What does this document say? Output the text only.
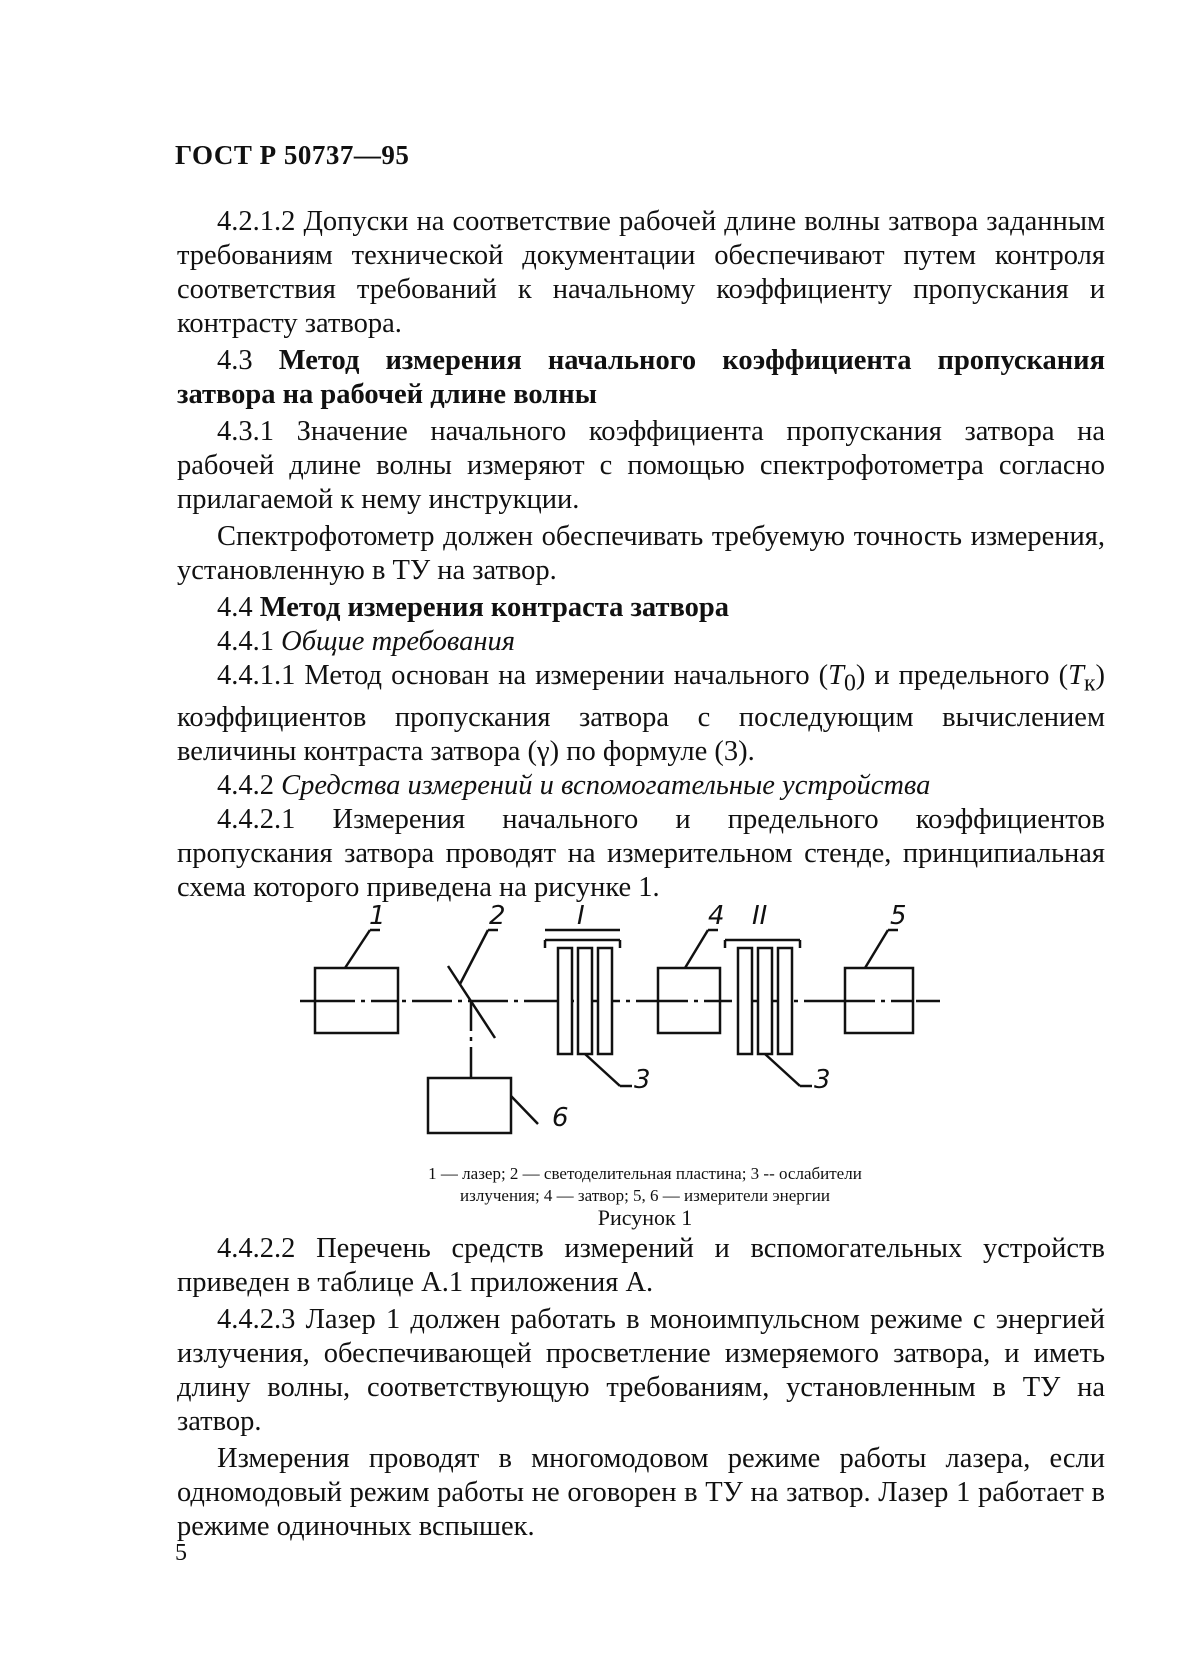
ГОСТ Р 50737—95

4.2.1.2 Допуски на соответствие рабочей длине волны затвора заданным требованиям технической документации обеспечивают путем контроля соответствия требований к начальному коэффициенту пропускания и контрасту затвора.

4.3 Метод измерения начального коэффициента пропускания затвора на рабочей длине волны

4.3.1 Значение начального коэффициента пропускания затвора на рабочей длине волны измеряют с помощью спектрофотометра согласно прилагаемой к нему инструкции.

Спектрофотометр должен обеспечивать требуемую точность измерения, установленную в ТУ на затвор.

4.4 Метод измерения контраста затвора

4.4.1 Общие требования

4.4.1.1 Метод основан на измерении начального $(T_0)$ и предельного $(T_к)$ коэффициентов пропускания затвора с последующим вычислением величины контраста затвора (γ) по формуле (3).

4.4.2 Средства измерений и вспомогательные устройства

4.4.2.1 Измерения начального и предельного коэффициентов пропускания затвора проводят на измерительном стенде, принципиальная схема которого приведена на рисунке 1.

1	2	I	4 II	5
3	3
6
1 — лазер; 2 — светоделительная пластина; 3 -- ослабители
излучения; 4 — затвор; 5, 6 — измерители энергии
Рисунок 1

4.4.2.2 Перечень средств измерений и вспомогательных устройств приведен в таблице А.1 приложения А.

4.4.2.3 Лазер 1 должен работать в моноимпульсном режиме с энергией излучения, обеспечивающей просветление измеряемого затвора, и иметь длину волны, соответствующую требованиям, установленным в ТУ на затвор.

Измерения проводят в многомодовом режиме работы лазера, если одномодовый режим работы не оговорен в ТУ на затвор. Лазер 1 работает в режиме одиночных вспышек.

5
